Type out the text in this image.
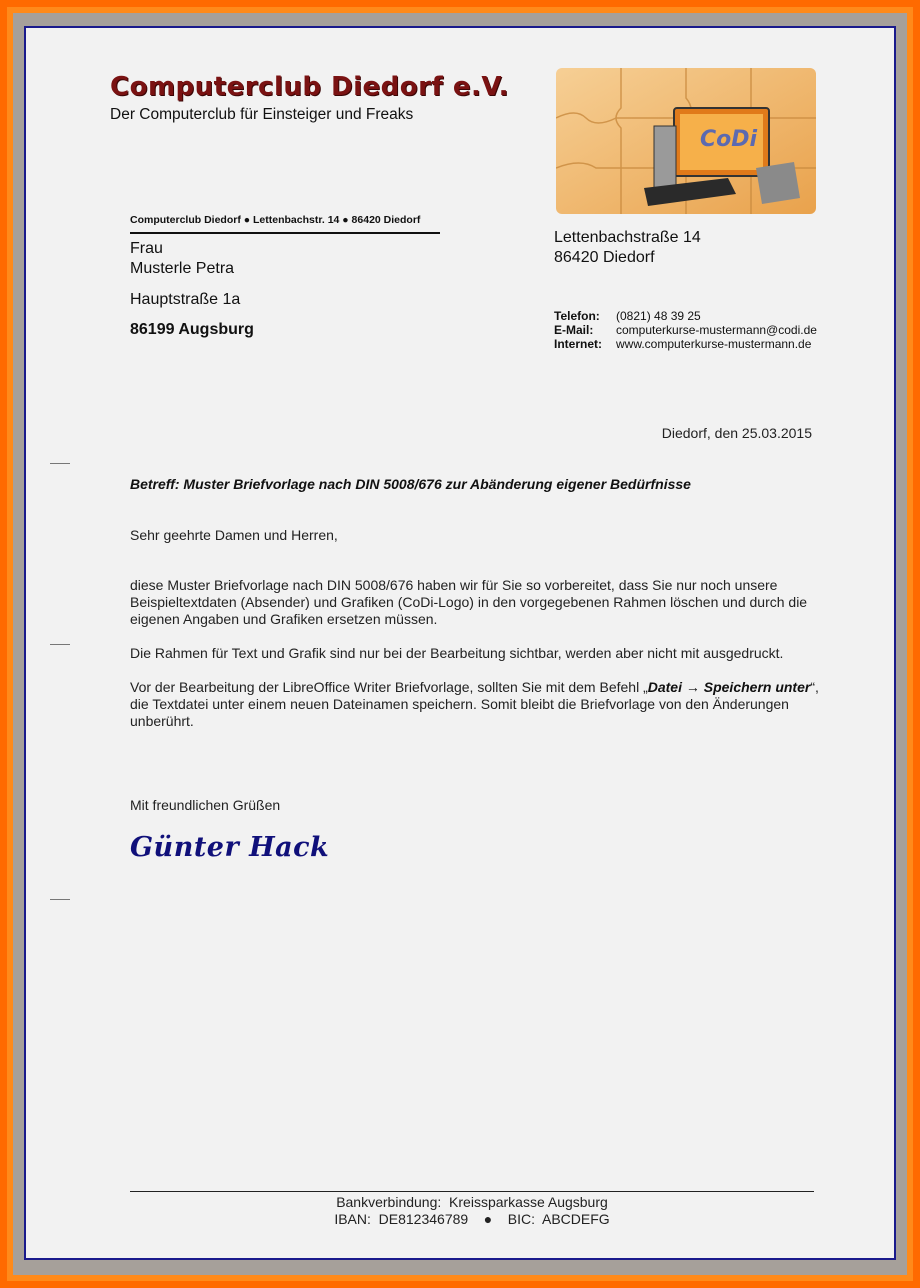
Computerclub Diedorf e.V.
Der Computerclub für Einsteiger und Freaks
CoDi
Computerclub Diedorf ● Lettenbachstr. 14 ● 86420 Diedorf
Frau
Musterle Petra
Hauptstraße 1a
86199 Augsburg
Lettenbachstraße 14
86420 Diedorf
Telefon: (0821) 48 39 25
E-Mail: computerkurse-mustermann@codi.de
Internet: www.computerkurse-mustermann.de
Diedorf, den 25.03.2015
Betreff: Muster Briefvorlage nach DIN 5008/676 zur Abänderung eigener Bedürfnisse
Sehr geehrte Damen und Herren,
diese Muster Briefvorlage nach DIN 5008/676 haben wir für Sie so vorbereitet, dass Sie nur noch unsere Beispieltextdaten (Absender) und Grafiken (CoDi-Logo) in den vorgegebenen Rahmen löschen und durch die eigenen Angaben und Grafiken ersetzen müssen.
Die Rahmen für Text und Grafik sind nur bei der Bearbeitung sichtbar, werden aber nicht mit ausgedruckt.
Vor der Bearbeitung der LibreOffice Writer Briefvorlage, sollten Sie mit dem Befehl „Datei → Speichern unter“, die Textdatei unter einem neuen Dateinamen speichern. Somit bleibt die Briefvorlage von den Änderungen unberührt.
Mit freundlichen Grüßen
Günter Hack
Bankverbindung:  Kreissparkasse Augsburg
IBAN:  DE812346789    ●    BIC:  ABCDEFG
